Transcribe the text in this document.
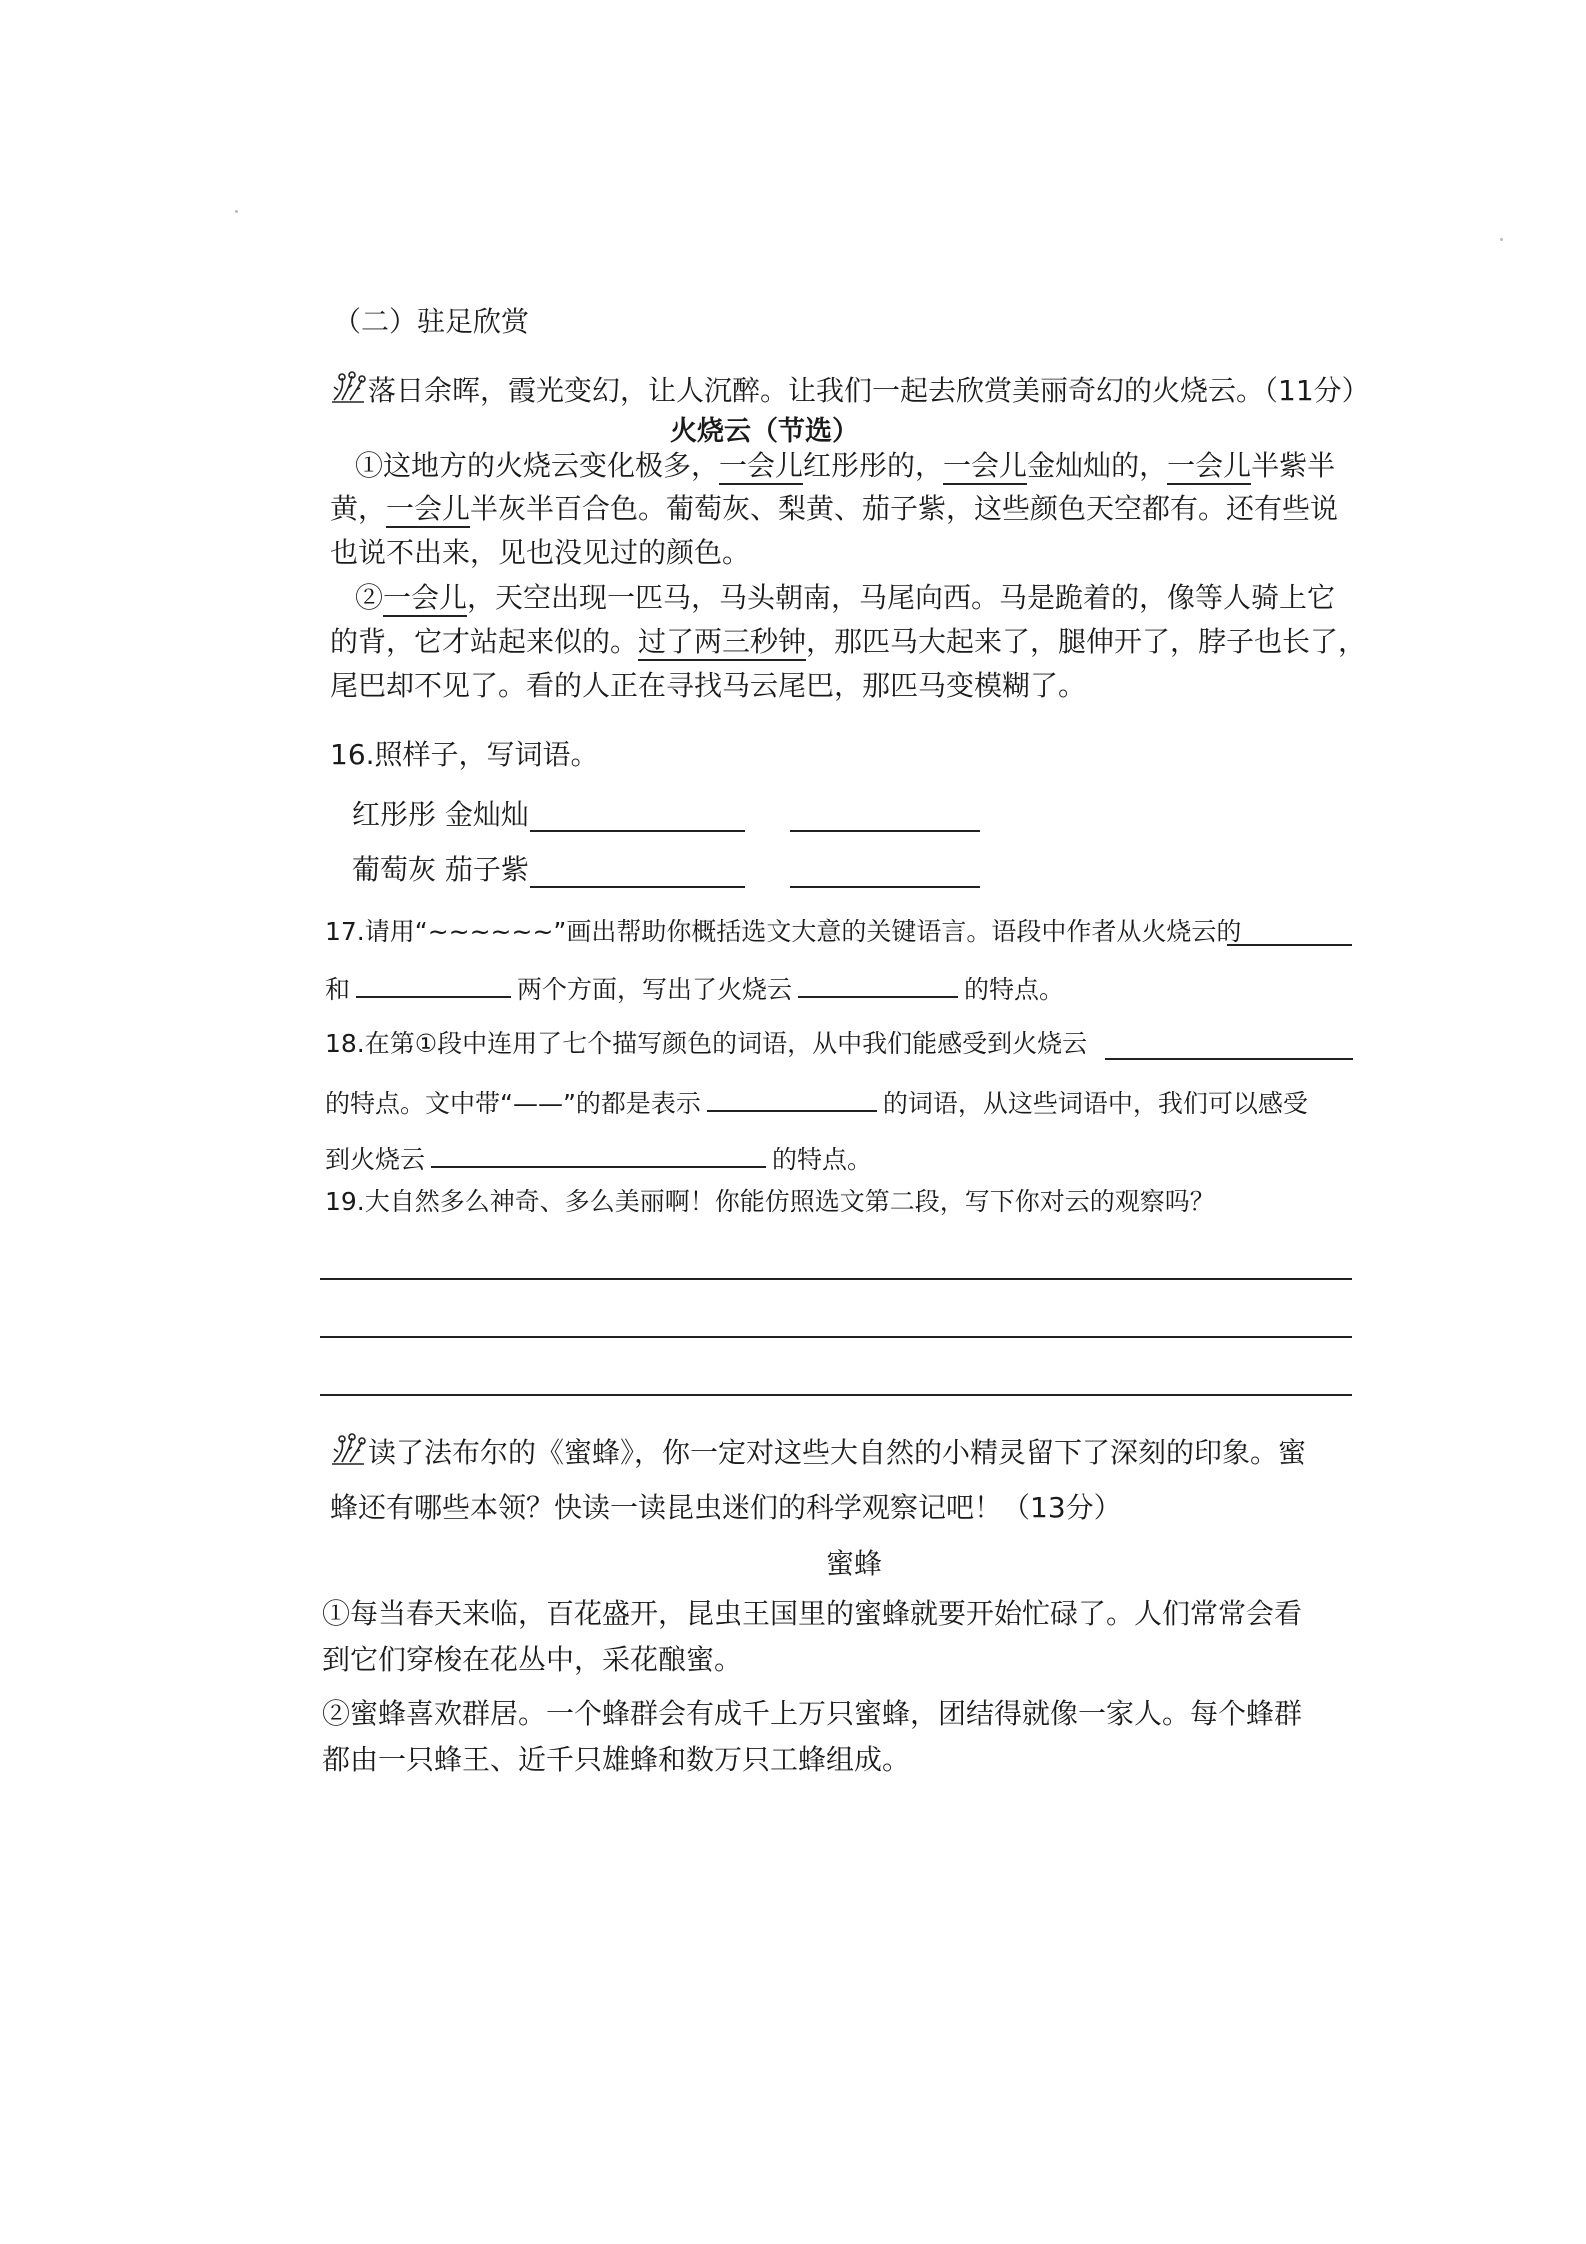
（二）驻足欣赏
落日余晖，霞光变幻，让人沉醉。让我们一起去欣赏美丽奇幻的火烧云。（11分）
火烧云（节选）
①这地方的火烧云变化极多，一会儿红彤彤的，一会儿金灿灿的，一会儿半紫半
黄，一会儿半灰半百合色。葡萄灰、梨黄、茄子紫，这些颜色天空都有。还有些说
也说不出来，见也没见过的颜色。
②一会儿，天空出现一匹马，马头朝南，马尾向西。马是跪着的，像等人骑上它
的背，它才站起来似的。过了两三秒钟，那匹马大起来了，腿伸开了，脖子也长了，
尾巴却不见了。看的人正在寻找马云尾巴，那匹马变模糊了。
16.照样子，写词语。
红彤彤 金灿灿
葡萄灰 茄子紫
17.请用“~~~~~~”画出帮助你概括选文大意的关键语言。语段中作者从火烧云的
和	两个方面，写出了火烧云	的特点。
18.在第①段中连用了七个描写颜色的词语，从中我们能感受到火烧云
的特点。文中带“——”的都是表示	的词语，从这些词语中，我们可以感受
到火烧云	的特点。
19.大自然多么神奇、多么美丽啊！你能仿照选文第二段，写下你对云的观察吗？
读了法布尔的《蜜蜂》，你一定对这些大自然的小精灵留下了深刻的印象。蜜
蜂还有哪些本领？快读一读昆虫迷们的科学观察记吧！（13分）
蜜蜂
①每当春天来临，百花盛开，昆虫王国里的蜜蜂就要开始忙碌了。人们常常会看
到它们穿梭在花丛中，采花酿蜜。
②蜜蜂喜欢群居。一个蜂群会有成千上万只蜜蜂，团结得就像一家人。每个蜂群
都由一只蜂王、近千只雄蜂和数万只工蜂组成。
